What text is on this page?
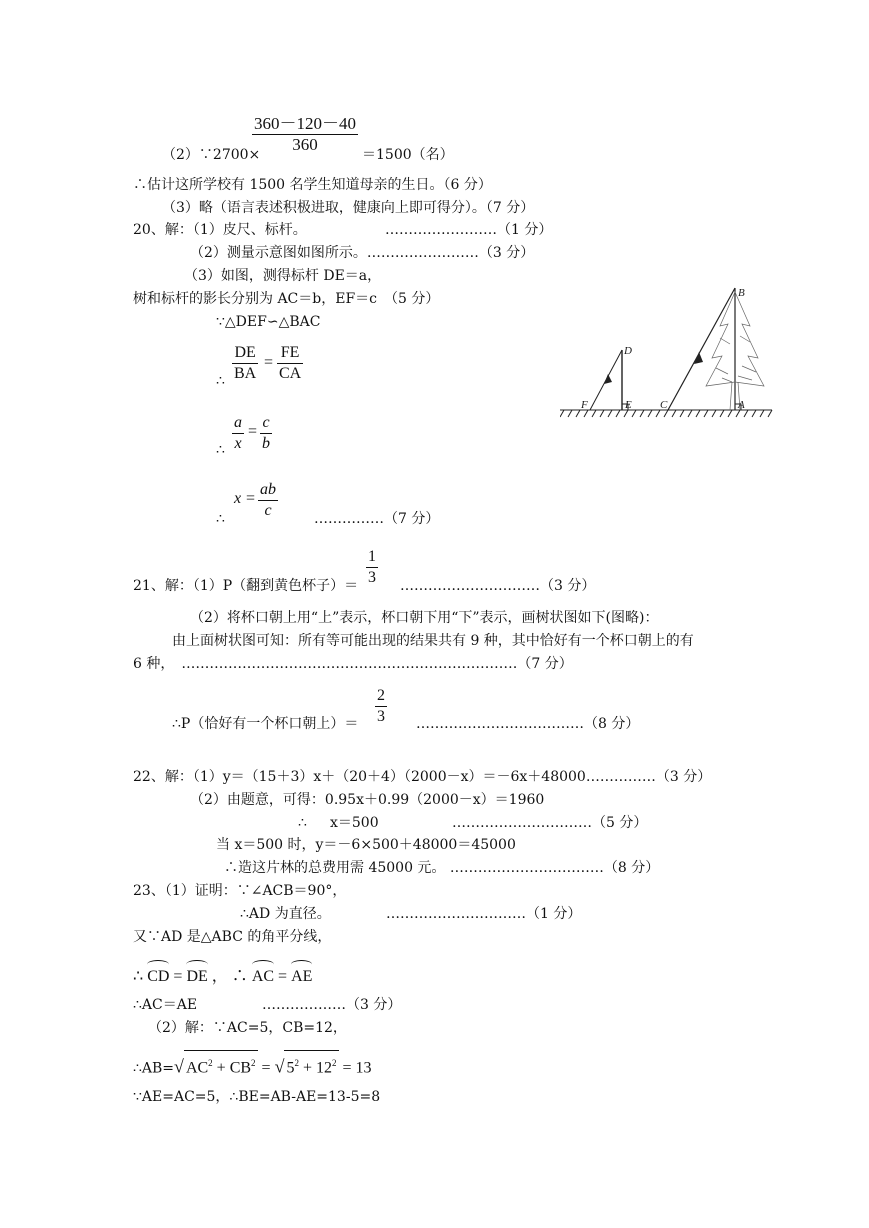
360－120－40
360
（2）∵2700×	＝1500（名）
∴估计这所学校有 1500 名学生知道母亲的生日。（6 分）
（3）略（语言表述积极进取，健康向上即可得分）。（7 分）
20、解：（1）皮尺、标杆。	……………………（1 分）
（2）测量示意图如图所示。……………………（3 分）
（3）如图，测得标杆 DE＝a，
树和标杆的影长分别为 AC＝b，EF＝c　（5 分）
∵△DEF∽△BAC
∴
DE
BA
=
FE
CA
∴
a
x
=
c
b
∴
x =
ab
c	……………（7 分）
B
D
F	E	C	A
21、解：（1）P（翻到黄色杯子）＝
1
3 …………………………（3 分）
（2）将杯口朝上用“上”表示，杯口朝下用“下”表示，画树状图如下(图略)：
由上面树状图可知：所有等可能出现的结果共有 9 种，其中恰好有一个杯口朝上的有
6 种，　………………………………………………………………（7 分）
∴P（恰好有一个杯口朝上）＝
2
3 ………………………………（8 分）
22、解：（1）y＝（15＋3）x＋（20＋4）（2000－x）＝－6x＋48000……………（3 分）
（2）由题意，可得：0.95x＋0.99（2000－x）＝1960
∴ x＝500	…………………………（5 分）
当 x＝500 时，y＝－6×500＋48000＝45000
∴造这片林的总费用需 45000 元。 ……………………………（8 分）
23、（1）证明：∵∠ACB＝90°，
∴AD 为直径。	…………………………（1 分）
又∵AD 是△ABC 的角平分线，
∴ CD = DE ， ∴ AC = AE
∴AC＝AE	………………（3 分）
（2）解：∵AC=5，CB=12，
∴AB=√ $AC^2 + CB^2$ = √ $5^2 + 12^2 = 13$
∵AE=AC=5，∴BE=AB-AE=13-5=8
